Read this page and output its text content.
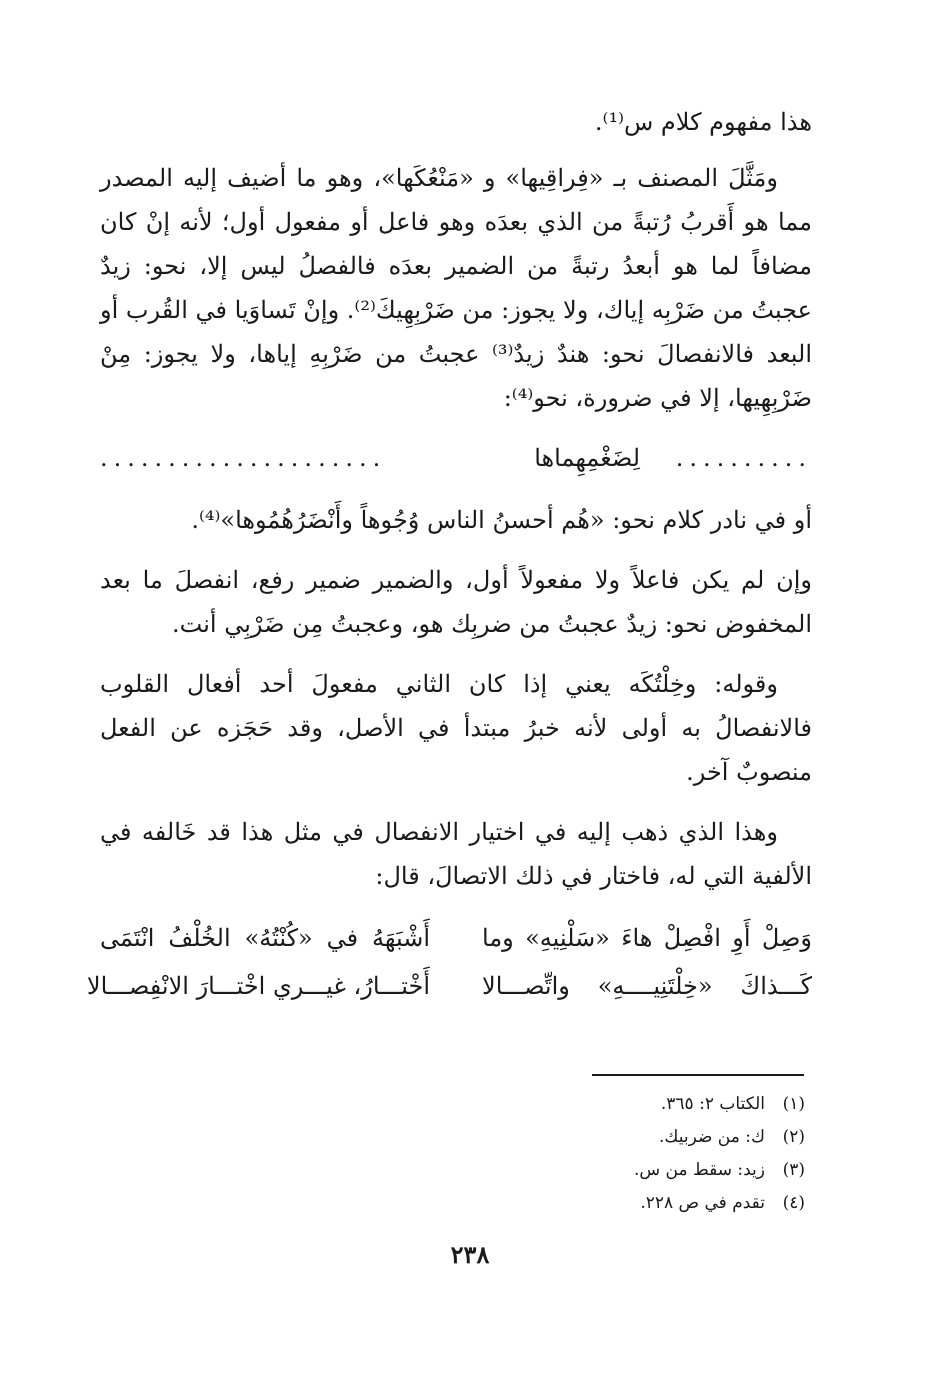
هذا مفهوم كلام س⁽¹⁾.

ومَثَّلَ المصنف بـ «فِراقِيها» و «مَنْعُكَها»، وهو ما أضيف إليه المصدر مما هو أَقربُ رُتبةً من الذي بعدَه وهو فاعل أو مفعول أول؛ لأنه إنْ كان مضافاً لما هو أبعدُ رتبةً من الضمير بعدَه فالفصلُ ليس إلا، نحو: زيدٌ عجبتُ من ضَرْبِه إياك، ولا يجوز: من ضَرْبِهِيكَ⁽²⁾. وإنْ تَساوَيا في القُرب أو البعد فالانفصالَ نحو: هندٌ زيدٌ⁽³⁾ عجبتُ من ضَرْبِهِ إياها، ولا يجوز: مِنْ ضَرْبِهِيها، إلا في ضرورة، نحو⁽⁴⁾:

..........
لِضَغْمِهِماها
.....................

أو في نادر كلام نحو: «هُم أحسنُ الناس وُجُوهاً وأَنْضَرُهُمُوها»⁽⁴⁾.

وإن لم يكن فاعلاً ولا مفعولاً أول، والضمير ضمير رفع، انفصلَ ما بعد المخفوض نحو: زيدٌ عجبتُ من ضربِك هو، وعجبتُ مِن ضَرْبِي أنت.

وقوله: وخِلْتُكَه يعني إذا كان الثاني مفعولَ أحد أفعال القلوب فالانفصالُ به أولى لأنه خبرُ مبتدأ في الأصل، وقد حَجَزه عن الفعل منصوبٌ آخر.

وهذا الذي ذهب إليه في اختيار الانفصال في مثل هذا قد خَالفه في الألفية التي له، فاختار في ذلك الاتصالَ، قال:

وَصِلْ أَوِ افْصِلْ هاءَ «سَلْنِيهِ» وما
أَشْبَهَهُ في «كُنْتُهُ» الخُلْفُ انْتَمَى
كَـــذاكَ «خِلْتَنِيــــهِ» واتِّصـــالا
أَخْتـــارُ، غيـــري اخْتـــارَ الانْفِصـــالا
(١)
الكتاب ٢: ٣٦٥.
(٢)
ك: من ضربيك.
(٣)
زيد: سقط من س.
(٤)
تقدم في ص ٢٢٨.
٢٣٨
